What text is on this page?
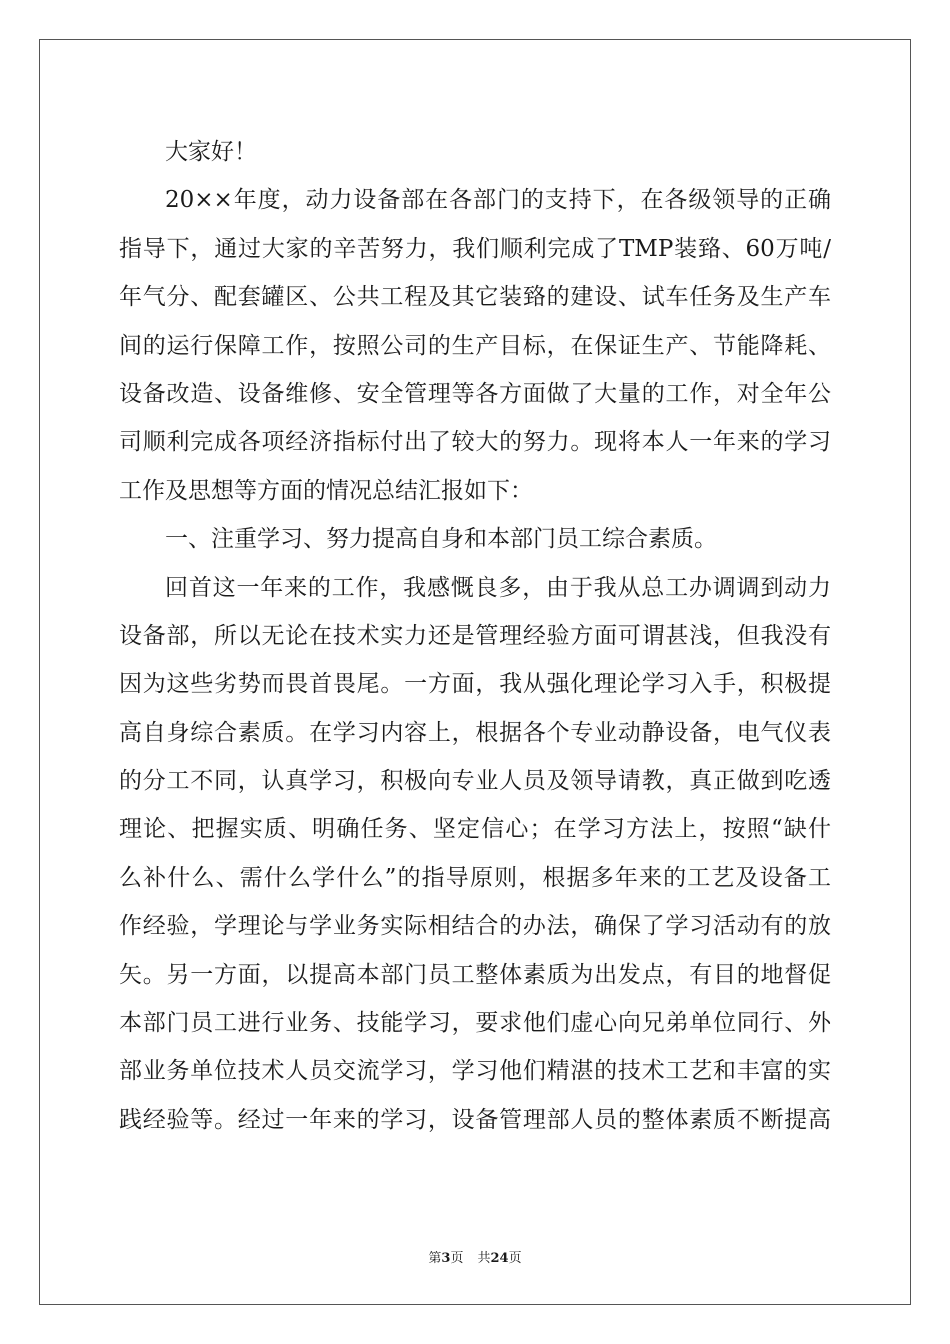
大家好！
20××年度，动力设备部在各部门的支持下，在各级领导的正确
指导下，通过大家的辛苦努力，我们顺利完成了TMP装臵、60万吨/
年气分、配套罐区、公共工程及其它装臵的建设、试车任务及生产车
间的运行保障工作，按照公司的生产目标，在保证生产、节能降耗、
设备改造、设备维修、安全管理等各方面做了大量的工作，对全年公
司顺利完成各项经济指标付出了较大的努力。现将本人一年来的学习
工作及思想等方面的情况总结汇报如下：
一、注重学习、努力提高自身和本部门员工综合素质。
回首这一年来的工作，我感慨良多，由于我从总工办调调到动力
设备部，所以无论在技术实力还是管理经验方面可谓甚浅，但我没有
因为这些劣势而畏首畏尾。一方面，我从强化理论学习入手，积极提
高自身综合素质。在学习内容上，根据各个专业动静设备，电气仪表
的分工不同，认真学习，积极向专业人员及领导请教，真正做到吃透
理论、把握实质、明确任务、坚定信心；在学习方法上，按照“缺什
么补什么、需什么学什么”的指导原则，根据多年来的工艺及设备工
作经验，学理论与学业务实际相结合的办法，确保了学习活动有的放
矢。另一方面，以提高本部门员工整体素质为出发点，有目的地督促
本部门员工进行业务、技能学习，要求他们虚心向兄弟单位同行、外
部业务单位技术人员交流学习，学习他们精湛的技术工艺和丰富的实
践经验等。经过一年来的学习，设备管理部人员的整体素质不断提高
第3页 共24页
